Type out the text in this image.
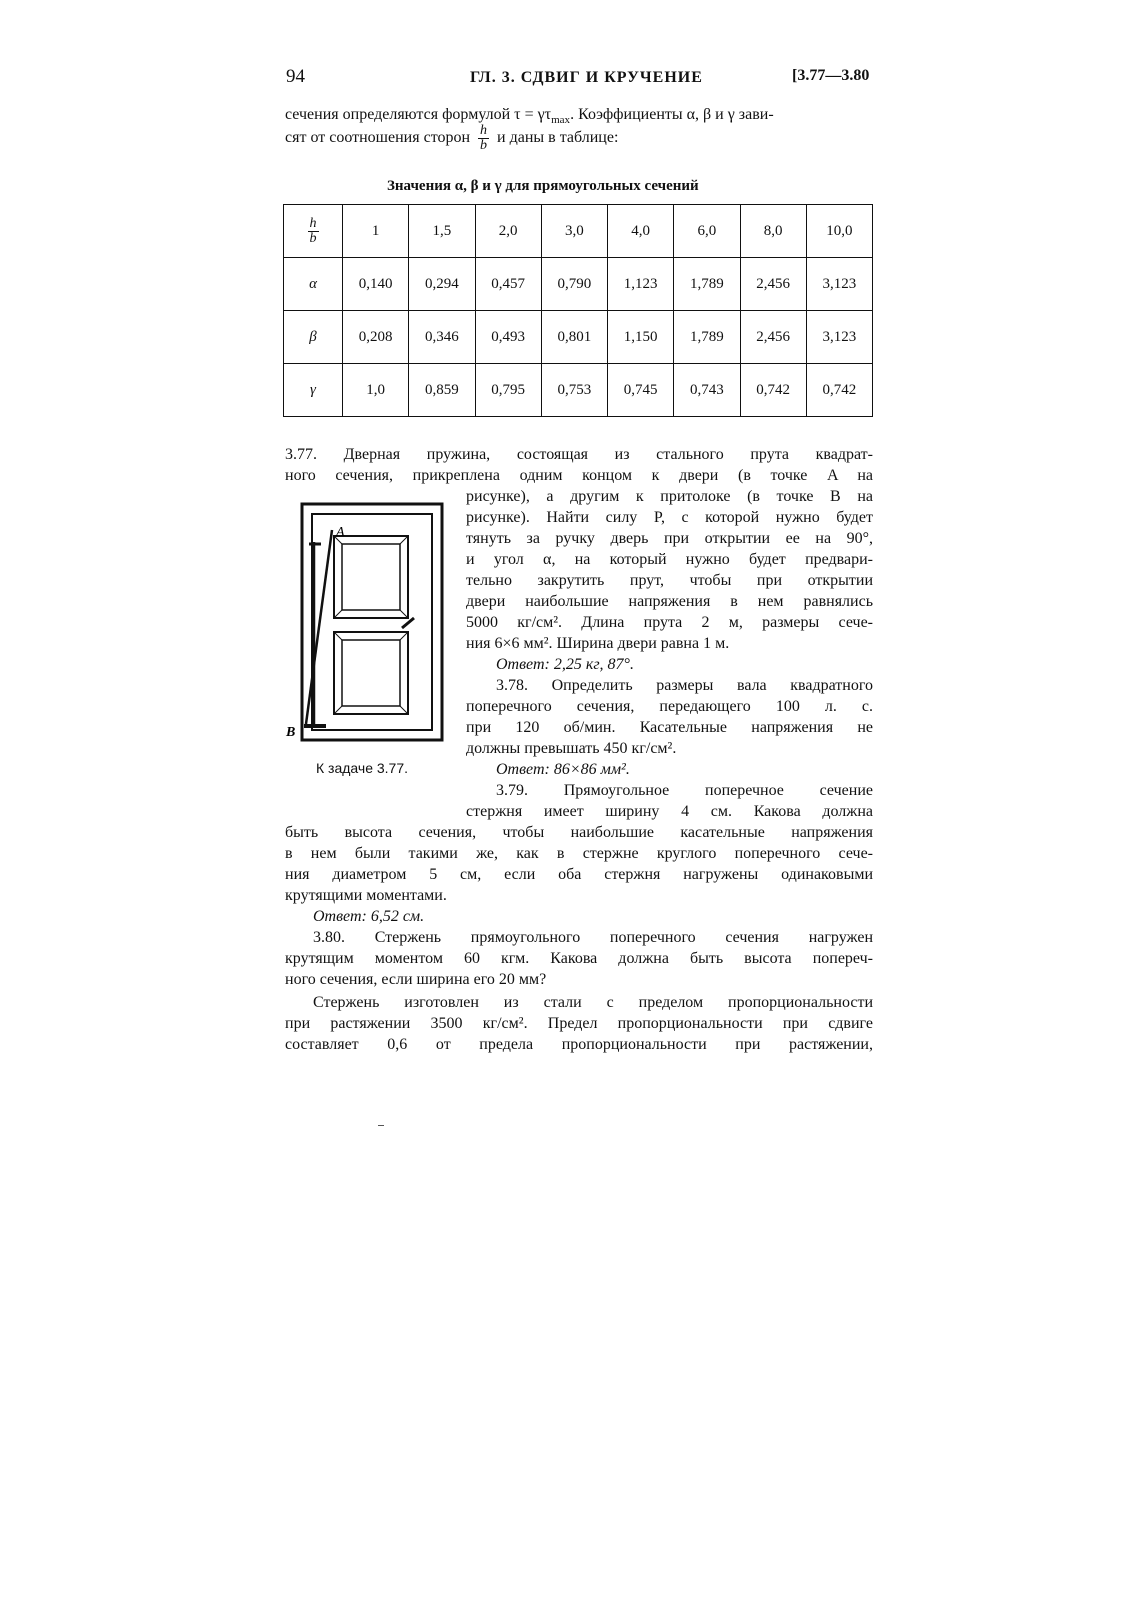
94	ГЛ. 3. СДВИГ И КРУЧЕНИЕ	[3.77—3.80
сечения определяются формулой $\tau = \gamma\tau_{max}$. Коэффициенты α, β и γ зави-
сят от соотношения сторон $\frac{h}{b}$ и даны в таблице:
Значения α, β и γ для прямоугольных сечений
$\frac{h}{b}$	1	1,5	2,0	3,0	4,0	6,0	8,0	10,0
α	0,140	0,294	0,457	0,790	1,123	1,789	2,456	3,123
β	0,208	0,346	0,493	0,801	1,150	1,789	2,456	3,123
γ	1,0	0,859	0,795	0,753	0,745	0,743	0,742	0,742
3.77. Дверная пружина, состоящая из стального прута квадрат-
ного сечения, прикреплена одним концом к двери (в точке A на
A
B
К задаче 3.77.
рисунке), а другим к притолоке (в точке B на
рисунке). Найти силу P, с которой нужно будет
тянуть за ручку дверь при открытии ее на 90°,
и угол α, на который нужно будет предвари-
тельно закрутить прут, чтобы при открытии
двери наибольшие напряжения в нем равнялись
5000 кг/см². Длина прута 2 м, размеры сече-
ния 6×6 мм². Ширина двери равна 1 м.
Ответ: 2,25 кг, 87°.
3.78. Определить размеры вала квадратного
поперечного сечения, передающего 100 л. с.
при 120 об/мин. Касательные напряжения не
должны превышать 450 кг/см².
Ответ: 86×86 мм².
3.79. Прямоугольное поперечное сечение
стержня имеет ширину 4 см. Какова должна
быть высота сечения, чтобы наибольшие касательные напряжения
в нем были такими же, как в стержне круглого поперечного сече-
ния диаметром 5 см, если оба стержня нагружены одинаковыми
крутящими моментами.
Ответ: 6,52 см.
3.80. Стержень прямоугольного поперечного сечения нагружен
крутящим моментом 60 кгм. Какова должна быть высота попереч-
ного сечения, если ширина его 20 мм?
Стержень изготовлен из стали с пределом пропорциональности
при растяжении 3500 кг/см². Предел пропорциональности при сдвиге
составляет 0,6 от предела пропорциональности при растяжении,
